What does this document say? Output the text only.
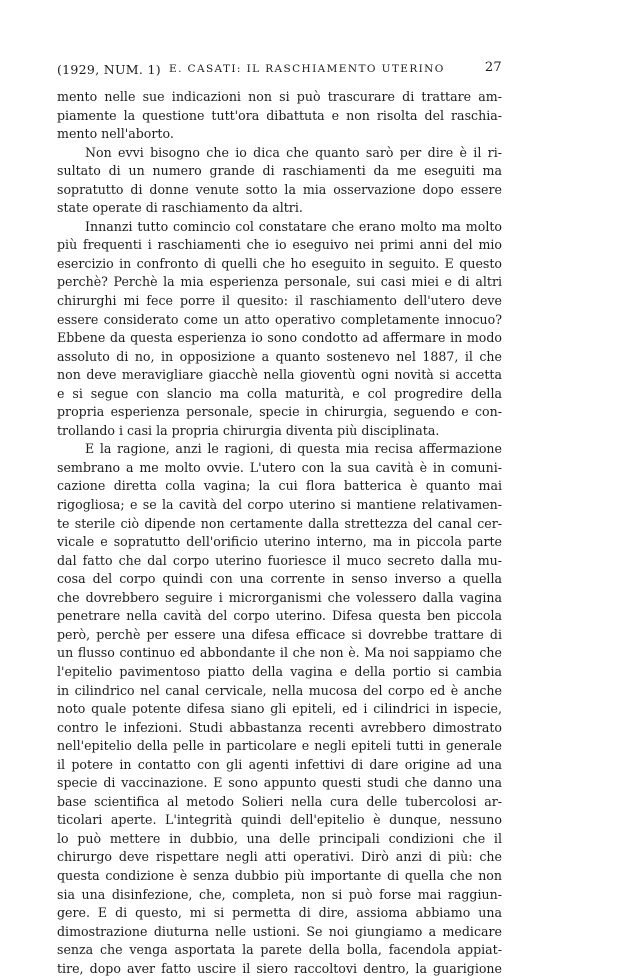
(1929, NUM. 1) E. CASATI: IL RASCHIAMENTO UTERINO	27
mento nelle sue indicazioni non si può trascurare di trattare am-
piamente la questione tutt'ora dibattuta e non risolta del raschia-
mento nell'aborto.
Non evvi bisogno che io dica che quanto sarò per dire è il ri-
sultato di un numero grande di raschiamenti da me eseguiti ma
sopratutto di donne venute sotto la mia osservazione dopo essere
state operate di raschiamento da altri.
Innanzi tutto comincio col constatare che erano molto ma molto
più frequenti i raschiamenti che io eseguivo nei primi anni del mio
esercizio in confronto di quelli che ho eseguito in seguito. E questo
perchè? Perchè la mia esperienza personale, sui casi miei e di altri
chirurghi mi fece porre il quesito: il raschiamento dell'utero deve
essere considerato come un atto operativo completamente innocuo?
Ebbene da questa esperienza io sono condotto ad affermare in modo
assoluto di no, in opposizione a quanto sostenevo nel 1887, il che
non deve meravigliare giacchè nella gioventù ogni novità si accetta
e si segue con slancio ma colla maturità, e col progredire della
propria esperienza personale, specie in chirurgia, seguendo e con-
trollando i casi la propria chirurgia diventa più disciplinata.
E la ragione, anzi le ragioni, di questa mia recisa affermazione
sembrano a me molto ovvie. L'utero con la sua cavità è in comuni-
cazione diretta colla vagina; la cui flora batterica è quanto mai
rigogliosa; e se la cavità del corpo uterino si mantiene relativamen-
te sterile ciò dipende non certamente dalla strettezza del canal cer-
vicale e sopratutto dell'orificio uterino interno, ma in piccola parte
dal fatto che dal corpo uterino fuoriesce il muco secreto dalla mu-
cosa del corpo quindi con una corrente in senso inverso a quella
che dovrebbero seguire i microrganismi che volessero dalla vagina
penetrare nella cavità del corpo uterino. Difesa questa ben piccola
però, perchè per essere una difesa efficace si dovrebbe trattare di
un flusso continuo ed abbondante il che non è. Ma noi sappiamo che
l'epitelio pavimentoso piatto della vagina e della portio si cambia
in cilindrico nel canal cervicale, nella mucosa del corpo ed è anche
noto quale potente difesa siano gli epiteli, ed i cilindrici in ispecie,
contro le infezioni. Studi abbastanza recenti avrebbero dimostrato
nell'epitelio della pelle in particolare e negli epiteli tutti in generale
il potere in contatto con gli agenti infettivi di dare origine ad una
specie di vaccinazione. E sono appunto questi studi che danno una
base scientifica al metodo Solieri nella cura delle tubercolosi ar-
ticolari aperte. L'integrità quindi dell'epitelio è dunque, nessuno
lo può mettere in dubbio, una delle principali condizioni che il
chirurgo deve rispettare negli atti operativi. Dirò anzi di più: che
questa condizione è senza dubbio più importante di quella che non
sia una disinfezione, che, completa, non si può forse mai raggiun-
gere. E di questo, mi si permetta di dire, assioma abbiamo una
dimostrazione diuturna nelle ustioni. Se noi giungiamo a medicare
senza che venga asportata la parete della bolla, facendola appiat-
tire, dopo aver fatto uscire il siero raccoltovi dentro, la guarigione
